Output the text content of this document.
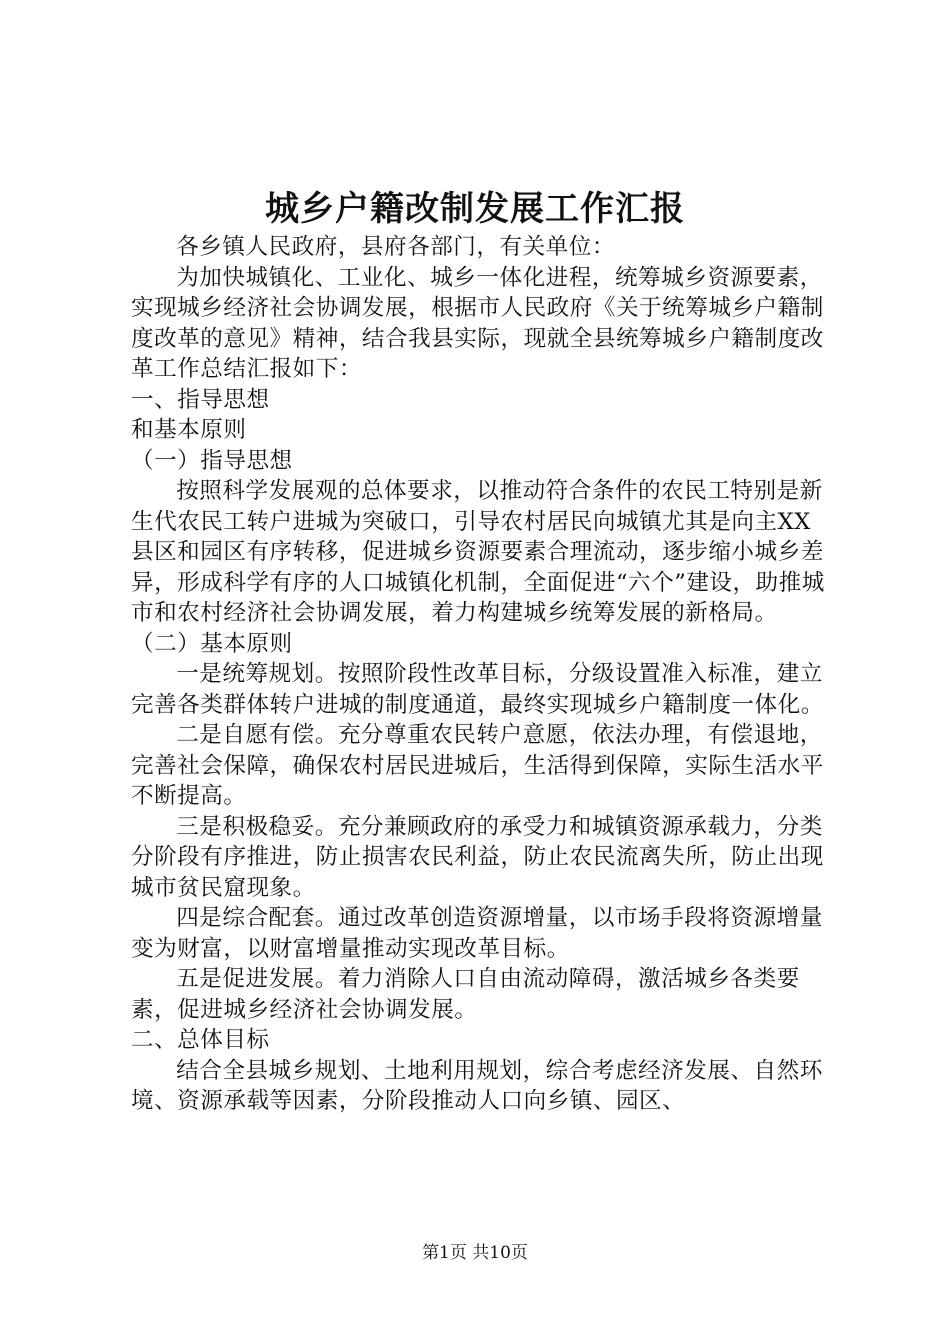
城乡户籍改制发展工作汇报

各乡镇人民政府，县府各部门，有关单位：

为加快城镇化、工业化、城乡一体化进程，统筹城乡资源要素，实现城乡经济社会协调发展，根据市人民政府《关于统筹城乡户籍制度改革的意见》精神，结合我县实际，现就全县统筹城乡户籍制度改革工作总结汇报如下：

一、指导思想

和基本原则

（一）指导思想

按照科学发展观的总体要求，以推动符合条件的农民工特别是新生代农民工转户进城为突破口，引导农村居民向城镇尤其是向主XX县区和园区有序转移，促进城乡资源要素合理流动，逐步缩小城乡差异，形成科学有序的人口城镇化机制，全面促进“六个”建设，助推城市和农村经济社会协调发展，着力构建城乡统筹发展的新格局。

（二）基本原则

一是统筹规划。按照阶段性改革目标，分级设置准入标准，建立完善各类群体转户进城的制度通道，最终实现城乡户籍制度一体化。

二是自愿有偿。充分尊重农民转户意愿，依法办理，有偿退地，完善社会保障，确保农村居民进城后，生活得到保障，实际生活水平不断提高。

三是积极稳妥。充分兼顾政府的承受力和城镇资源承载力，分类分阶段有序推进，防止损害农民利益，防止农民流离失所，防止出现城市贫民窟现象。

四是综合配套。通过改革创造资源增量，以市场手段将资源增量变为财富，以财富增量推动实现改革目标。

五是促进发展。着力消除人口自由流动障碍，激活城乡各类要素，促进城乡经济社会协调发展。

二、总体目标

结合全县城乡规划、土地利用规划，综合考虑经济发展、自然环境、资源承载等因素，分阶段推动人口向乡镇、园区、

第1页 共10页
